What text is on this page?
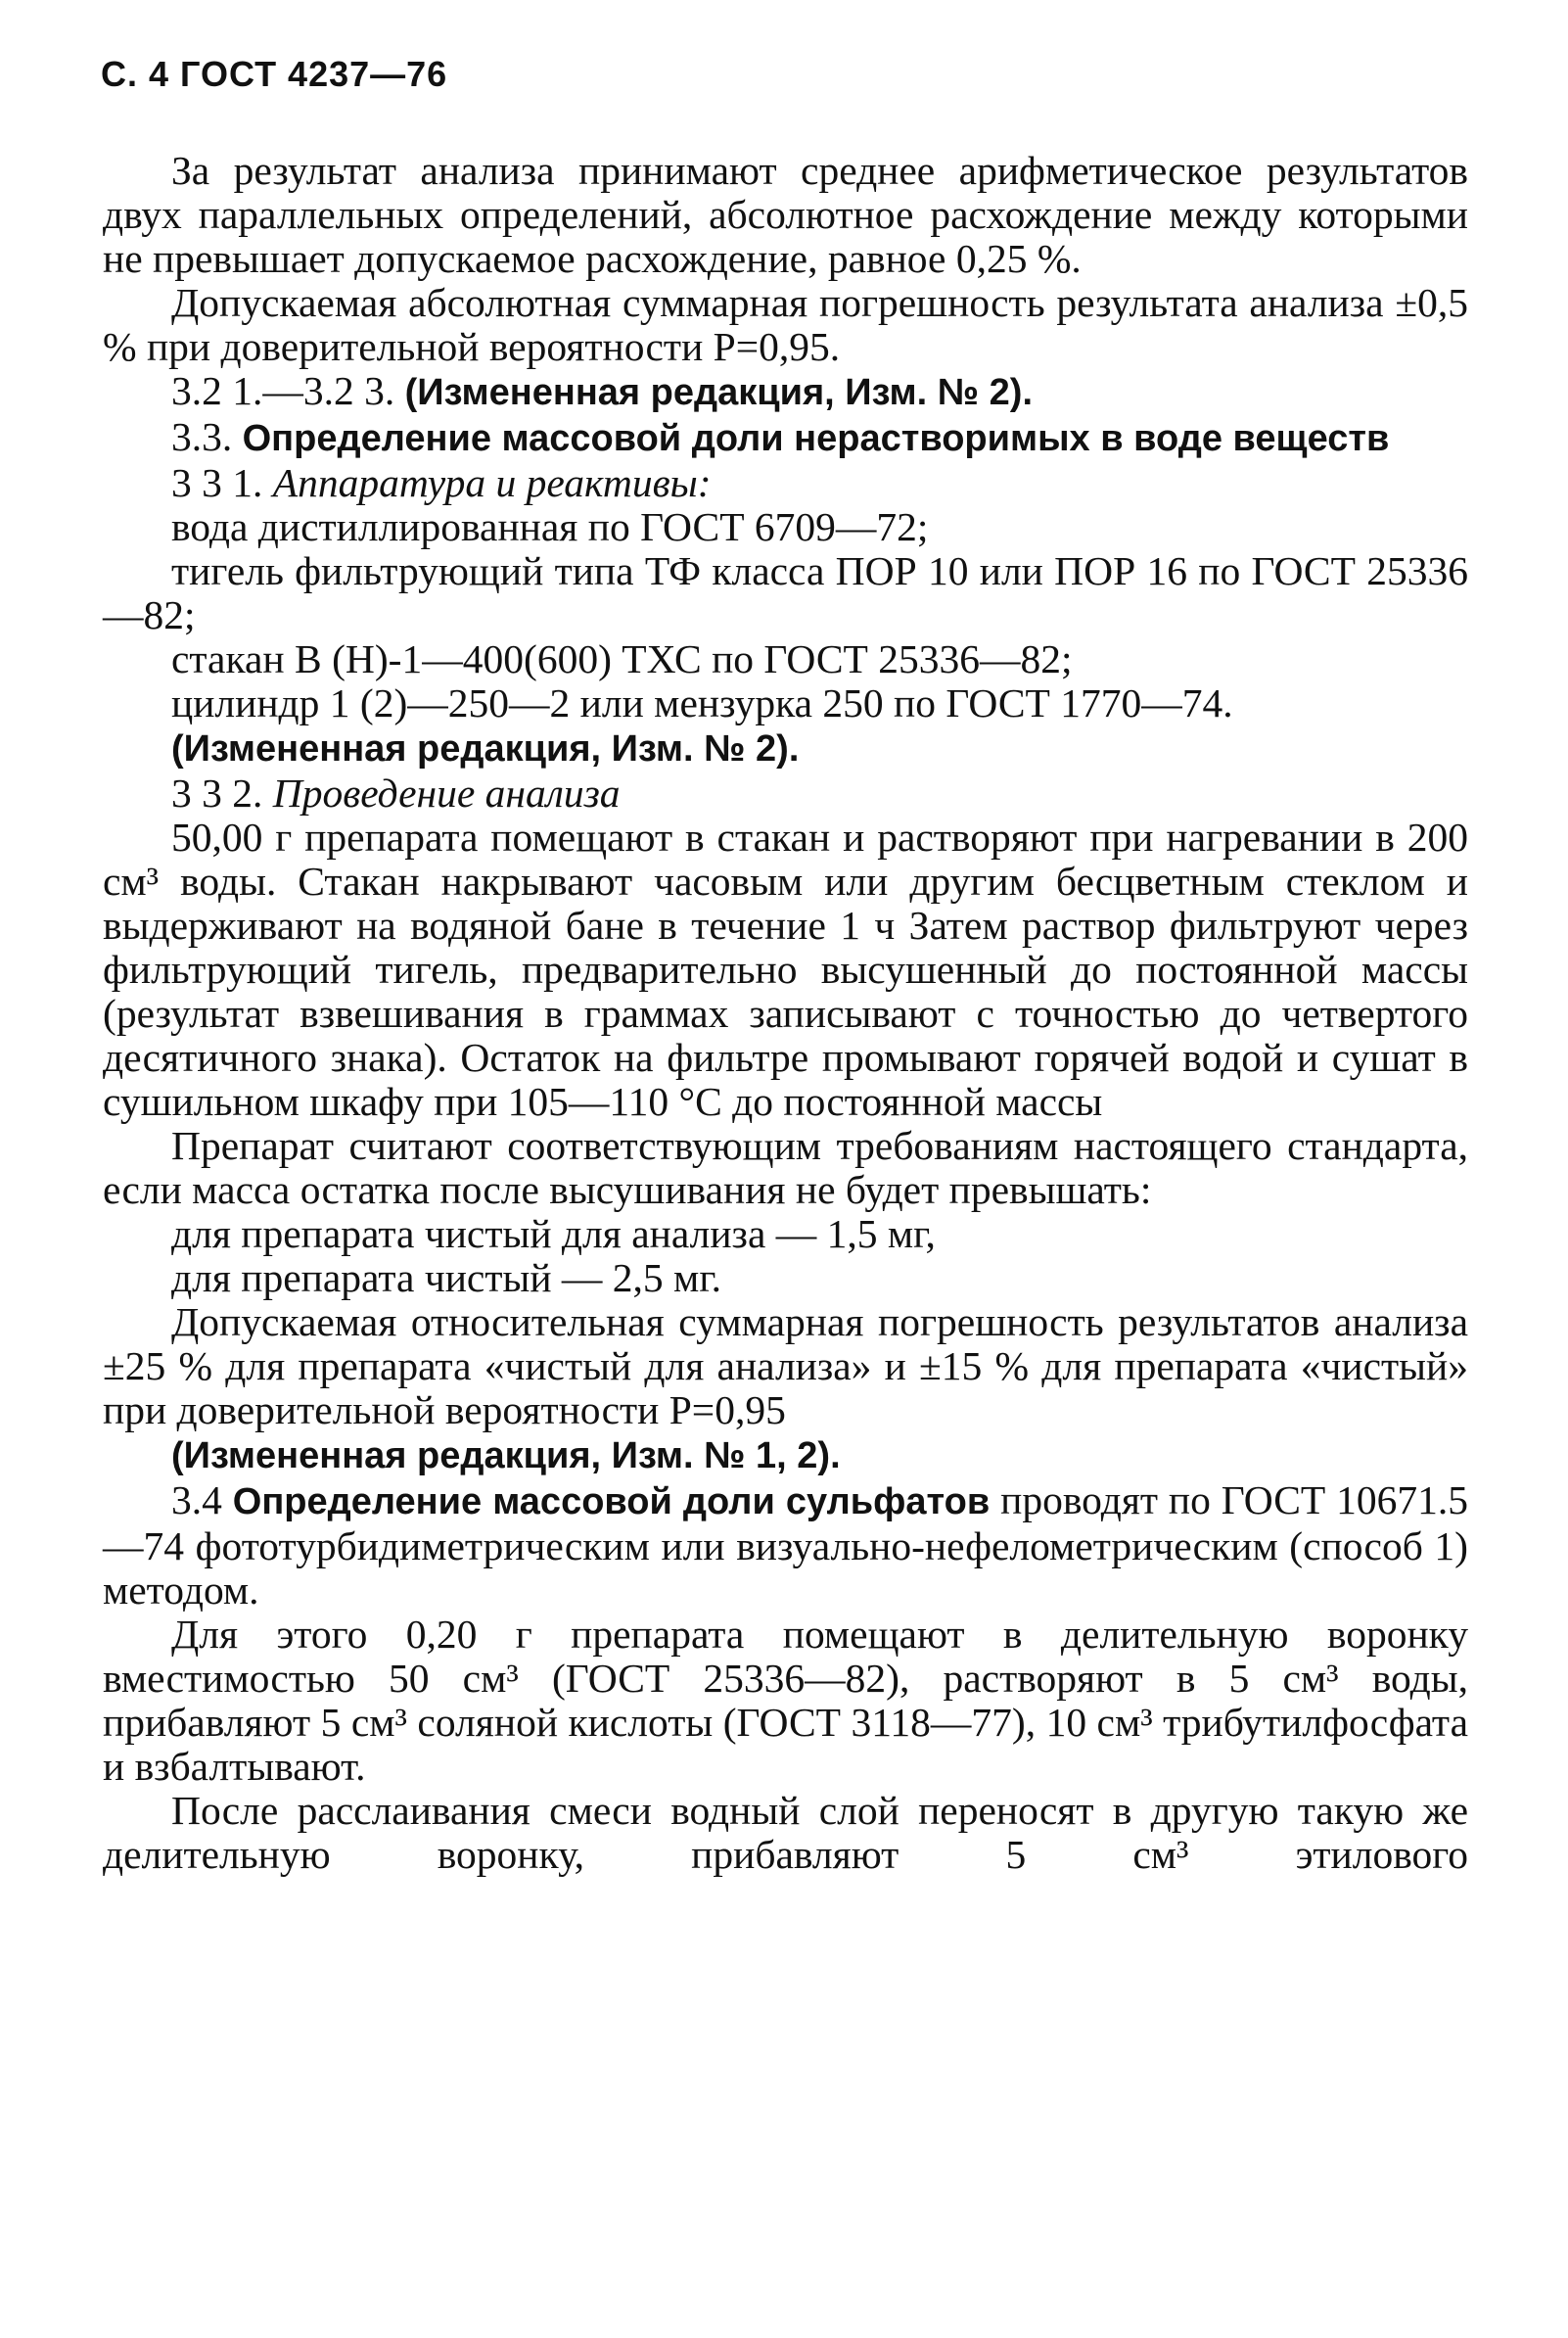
С. 4 ГОСТ 4237—76

За результат анализа принимают среднее арифметическое результатов двух параллельных определений, абсолютное расхождение между которыми не превышает допускаемое расхождение, равное 0,25 %.

Допускаемая абсолютная суммарная погрешность результата анализа ±0,5 % при доверительной вероятности Р=0,95.

3.2 1.—3.2 3. (Измененная редакция, Изм. № 2).

3.3. Определение массовой доли нерастворимых в воде веществ

3 3 1. Аппаратура и реактивы:

вода дистиллированная по ГОСТ 6709—72;

тигель фильтрующий типа ТФ класса ПОР 10 или ПОР 16 по ГОСТ 25336—82;

стакан В (Н)-1—400(600) ТХС по ГОСТ 25336—82;

цилиндр 1 (2)—250—2 или мензурка 250 по ГОСТ 1770—74.

(Измененная редакция, Изм. № 2).

3 3 2. Проведение анализа

50,00 г препарата помещают в стакан и растворяют при нагревании в 200 см³ воды. Стакан накрывают часовым или другим бесцветным стеклом и выдерживают на водяной бане в течение 1 ч Затем раствор фильтруют через фильтрующий тигель, предварительно высушенный до постоянной массы (результат взвешивания в граммах записывают с точностью до четвертого десятичного знака). Остаток на фильтре промывают горячей водой и сушат в сушильном шкафу при 105—110 °С до постоянной массы

Препарат считают соответствующим требованиям настоящего стандарта, если масса остатка после высушивания не будет превышать:

для препарата чистый для анализа — 1,5 мг,

для препарата чистый — 2,5 мг.

Допускаемая относительная суммарная погрешность результатов анализа ±25 % для препарата «чистый для анализа» и ±15 % для препарата «чистый» при доверительной вероятности Р=0,95

(Измененная редакция, Изм. № 1, 2).

3.4 Определение массовой доли сульфатов проводят по ГОСТ 10671.5—74 фототурбидиметрическим или визуально-нефелометрическим (способ 1) методом.

Для этого 0,20 г препарата помещают в делительную воронку вместимостью 50 см³ (ГОСТ 25336—82), растворяют в 5 см³ воды, прибавляют 5 см³ соляной кислоты (ГОСТ 3118—77), 10 см³ трибутилфосфата и взбалтывают.

После расслаивания смеси водный слой переносят в другую такую же делительную воронку, прибавляют 5 см³ этилового
